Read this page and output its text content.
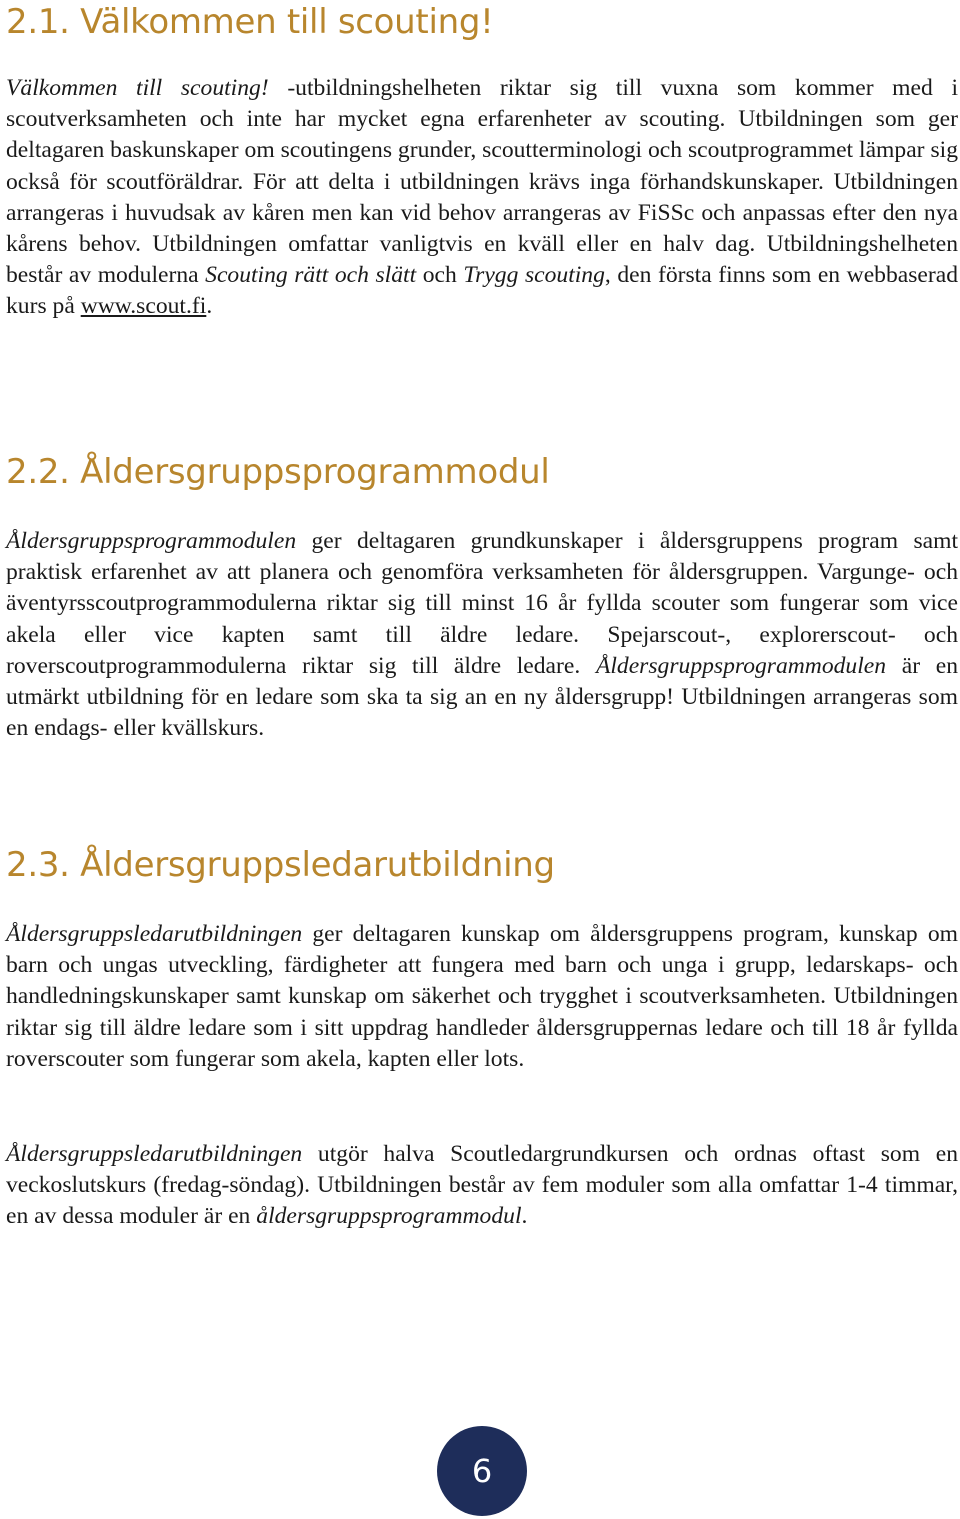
2.1. Välkommen till scouting!

Välkommen till scouting! -utbildningshelheten riktar sig till vuxna som kommer med i scoutverksamheten och inte har mycket egna erfarenheter av scouting. Utbildningen som ger deltagaren baskunskaper om scoutingens grunder, scoutterminologi och scoutprogrammet lämpar sig också för scoutföräldrar. För att delta i utbildningen krävs inga förhandskunskaper. Utbildningen arrangeras i huvudsak av kåren men kan vid behov arrangeras av FiSSc och anpassas efter den nya kårens behov. Utbildningen omfattar vanligtvis en kväll eller en halv dag. Utbildningshelheten består av modulerna Scouting rätt och slätt och Trygg scouting, den första finns som en webbaserad kurs på www.scout.fi.

2.2. Åldersgruppsprogrammodul

Åldersgruppsprogrammodulen ger deltagaren grundkunskaper i åldersgruppens program samt praktisk erfarenhet av att planera och genomföra verksamheten för åldersgruppen. Vargunge- och äventyrsscoutprogrammodulerna riktar sig till minst 16 år fyllda scouter som fungerar som vice akela eller vice kapten samt till äldre ledare. Spejarscout-, explorerscout- och roverscoutprogrammodulerna riktar sig till äldre ledare. Åldersgruppsprogrammodulen är en utmärkt utbildning för en ledare som ska ta sig an en ny åldersgrupp! Utbildningen arrangeras som en endags- eller kvällskurs.

2.3. Åldersgruppsledarutbildning

Åldersgruppsledarutbildningen ger deltagaren kunskap om åldersgruppens program, kunskap om barn och ungas utveckling, färdigheter att fungera med barn och unga i grupp, ledarskaps- och handledningskunskaper samt kunskap om säkerhet och trygghet i scoutverksamheten. Utbildningen riktar sig till äldre ledare som i sitt uppdrag handleder åldersgruppernas ledare och till 18 år fyllda roverscouter som fungerar som akela, kapten eller lots.

Åldersgruppsledarutbildningen utgör halva Scoutledargrundkursen och ordnas oftast som en veckoslutskurs (fredag-söndag). Utbildningen består av fem moduler som alla omfattar 1-4 timmar, en av dessa moduler är en åldersgruppsprogrammodul.

6
